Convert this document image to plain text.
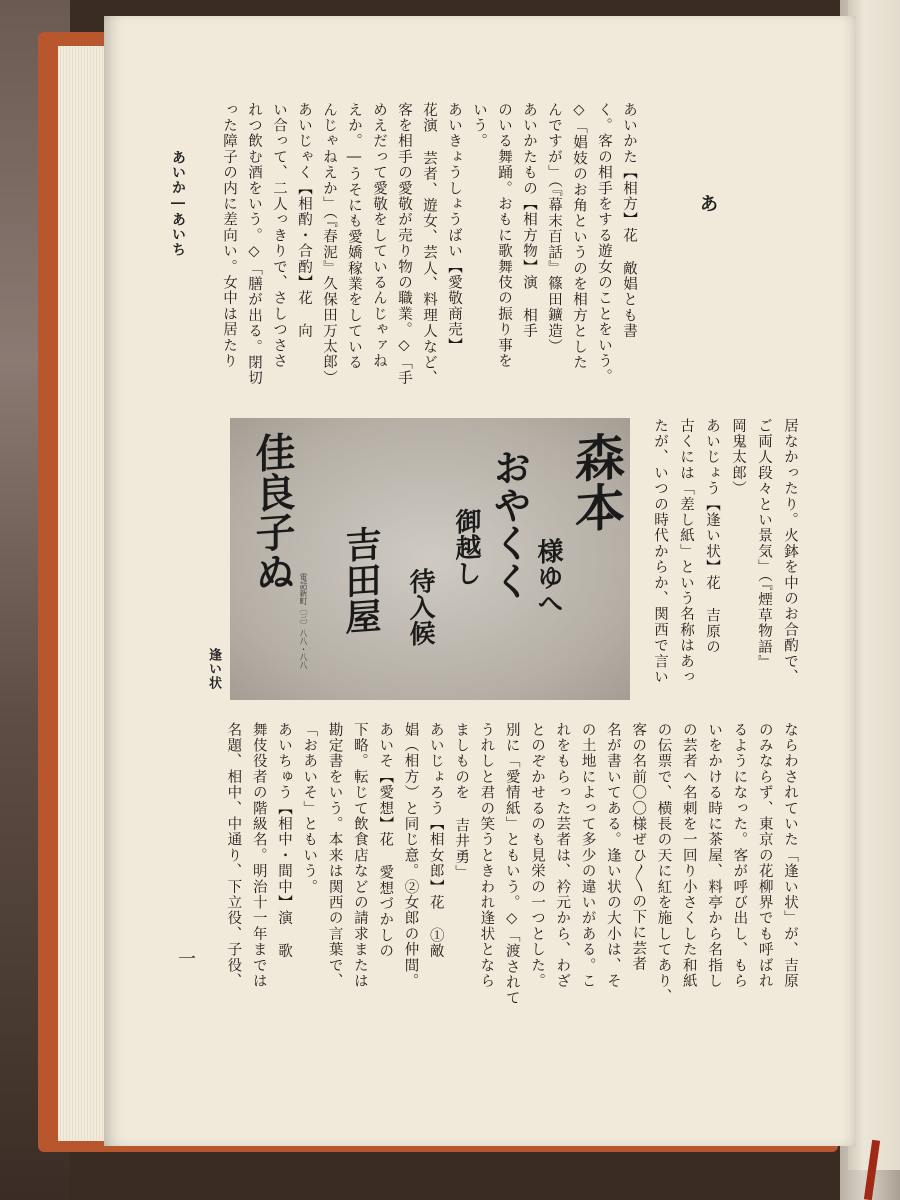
あ
あいか―あいち
一
あいかた【相方】花 敵娼とも書
く。客の相手をする遊女のことをいう。
◇「娼妓のお角というのを相方とした
んですが」（『幕末百話』篠田鑛造）
あいかたもの【相方物】演 相手
のいる舞踊。おもに歌舞伎の振り事を
いう。
あいきょうしょうばい【愛敬商売】
花演 芸者、遊女、芸人、料理人など、
客を相手の愛敬が売り物の職業。◇「手
めえだって愛敬をしているんじゃァね
えか。―うそにも愛嬌稼業をしている
んじゃねえか」（『春泥』久保田万太郎）
あいじゃく【相酌・合酌】花 向
い合って、二人っきりで、さしつささ
れつ飲む酒をいう。◇「膳が出る。閉切
った障子の内に差向い。女中は居たり
居なかったり。火鉢を中のお合酌で、
ご両人段々とい景気」（『煙草物語』
岡鬼太郎）
あいじょう【逢い状】花 吉原の
古くには「差し紙」という名称はあっ
たが、いつの時代からか、関西で言い
ならわされていた「逢い状」が、吉原
のみならず、東京の花柳界でも呼ばれ
るようになった。客が呼び出し、もら
いをかける時に茶屋、料亭から名指し
の芸者へ名刺を一回り小さくした和紙
の伝票で、横長の天に紅を施してあり、
客の名前〇〇様ぜひ〳〵の下に芸者
名が書いてある。逢い状の大小は、そ
の土地によって多少の違いがある。こ
れをもらった芸者は、衿元から、わざ
とのぞかせるのも見栄の一つとした。
別に「愛情紙」ともいう。◇「渡されて
うれしと君の笑うときわれ逢状となら
ましものを 吉井勇」
あいじょろう【相女郎】花 ①敵
娼（相方）と同じ意。②女郎の仲間。
あいそ【愛想】花 愛想づかしの
下略。転じて飲食店などの請求または
勘定書をいう。本来は関西の言葉で、
「おあいそ」ともいう。
あいちゅう【相中・間中】演 歌
舞伎役者の階級名。明治十一年までは
名題、相中、中通り、下立役、子役、
森本
様ゆへ
おやくく
御越し
待入候
吉田屋
電話新町〔三〕八八・八八
佳良子ぬ
逢い状
